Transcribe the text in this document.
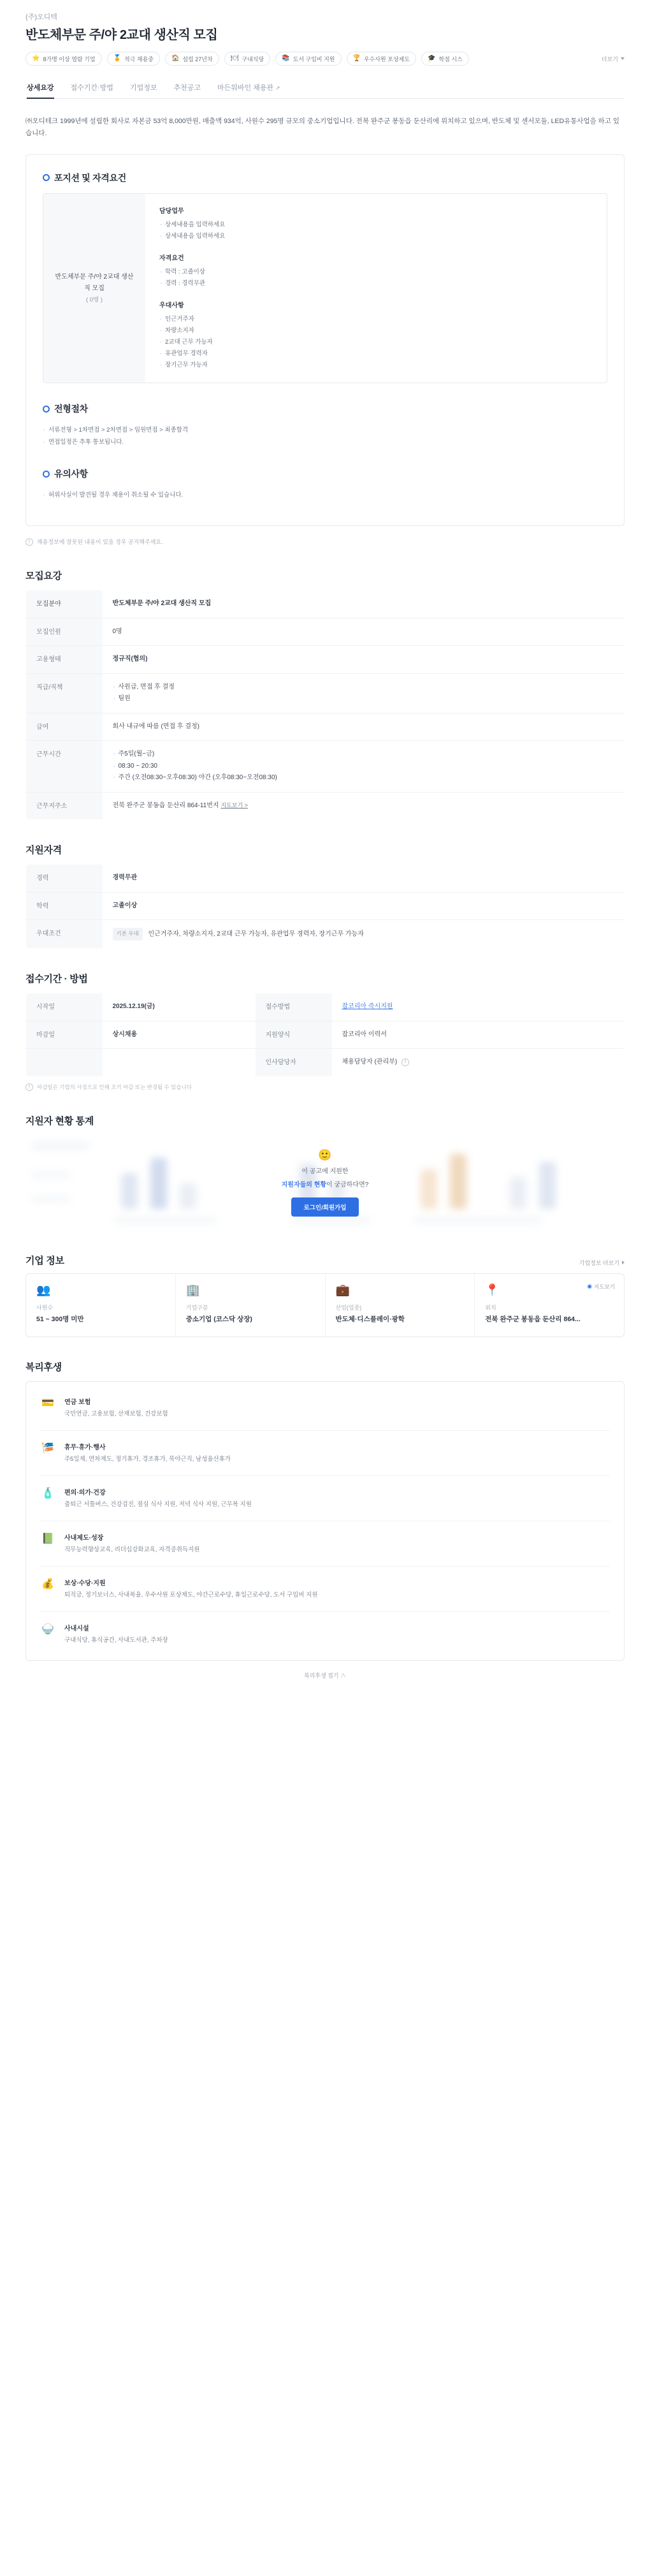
(주)오디텍
반도체부문 주/야 2교대 생산직 모집
⭐ 8가명 이상 열람 기업	🏅 적극 채용중	🏠 설립 27년차	🍽 구내식당	📚 도서 구입비 지원	🏆 우수사원 포상제도	🎓 학점 시스	더보기
상세요강 접수기간·방법 기업정보 추천공고 마든워바인 채용관 ↗

㈜오디테크 1999년에 설립한 회사로 자본금 53억 8,000만원, 매출액 934억, 사원수 295명 규모의 중소기업입니다. 전북 완주군 봉동읍 둔산리에 위치하고 있으며, 반도체 및 센서모듈, LED유통사업을 하고 있습니다.

포지션 및 자격요건
반도체부문 주/야 2교대 생산직 모집
( 0명 )
담당업무
· 상세내용을 입력하세요
· 상세내용을 입력하세요
자격요건
· 학력 : 고졸이상
· 경력 : 경력무관
우대사항
· 인근거주자
· 차량소지자
· 2교대 근무 가능자
· 유관업무 경력자
· 장기근무 가능자
전형절차
· 서류전형 > 1차면접 > 2차면접 > 임원면접 > 최종합격
· 연접일정은 추후 통보됩니다.
유의사항
· 허위사실이 발견될 경우 채용이 취소될 수 있습니다.
!	채용정보에 잘못된 내용이 있을 경우 공지해주세요.
모집요강
모집분야	반도체부문 주/야 2교대 생산직 모집
모집인원	0명
고용형태	정규직(협의)
직급/직책	
·사원급, 면접 후 결정
· 팀원

급여	회사 내규에 따름 (면접 후 결정)
근무시간	
·주5일(월~금)
· 08:30 ~ 20:30
· 주간 (오전08:30~오후08:30) 야간 (오후08:30~오전08:30)

근무지주소	전북 완주군 봉동읍 둔산리 864-11번지 지도보기 >
지원자격
경력	경력무관
학력	고졸이상
우대조건	기본 우대 인근거주자, 차량소지자, 2교대 근무 가능자, 유관업무 경력자, 장기근무 가능자
접수기간 · 방법
시작일	2025.12.19(금)	접수방법	잡코리아 즉시지원
마감일	상시채용	지원양식	잡코리아 이력서
		인사담당자	채용담당자 (관리부) i
!	마감일은 기업의 사정으로 인해 조기 마감 또는 변경될 수 있습니다
지원자 현황 통계
🙂
이 공고에 지원한
지원자들의 현황이 궁금하다면?
로그인/회원가입
기업 정보	기업정보 더보기
👥
사원수
51 ~ 300명 미만
🏢
기업구분
중소기업 (코스닥 상장)
💼
산업(업종)
반도체·디스플레이·광학
◉ 지도보기
📍
위치
전북 완주군 봉동읍 둔산리 864...
복리후생
💳 연금 보험
국민연금, 고용보험, 산재보험, 건강보험
🎏 휴무·휴가·행사
주5일제, 연차제도, 정기휴가, 경조휴가, 묵야근직, 남성율산휴가
🧴 편의·의가·건강
출퇴근 서틀버스, 건강검진, 점심 식사 지원, 저녁 식사 지원, 근무복 지원
📗 사내제도·성장
직무능력향상교육, 리더십강화교육, 자격증취득지원
💰 보상·수당·지원
퇴직금, 정기보너스, 사내복율, 우수사원 포상제도, 야간근로수당, 휴일근로수당, 도서 구입비 지원
🍚 사내시설
구내식당, 휴식공간, 사내도서관, 주차장
복리후생 접기 ∧
